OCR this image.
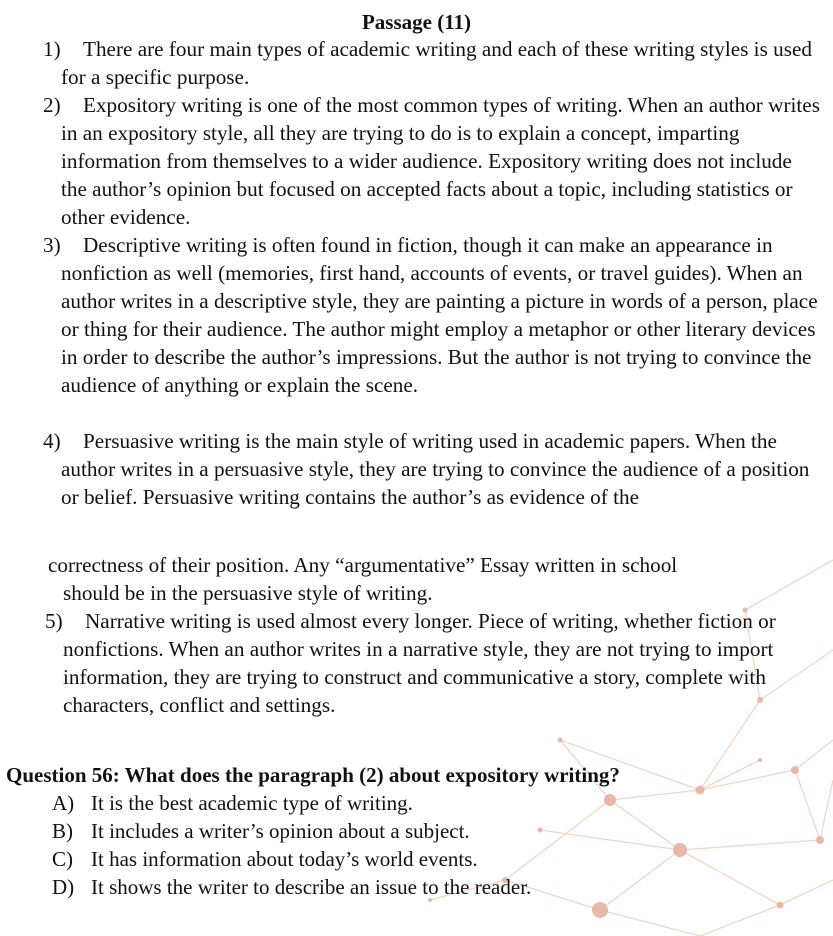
Passage (11)

1) There are four main types of academic writing and each of these writing styles is used for a specific purpose.

2) Expository writing is one of the most common types of writing. When an author writes in an expository style, all they are trying to do is to explain a concept, imparting information from themselves to a wider audience. Expository writing does not include the author’s opinion but focused on accepted facts about a topic, including statistics or other evidence.

3) Descriptive writing is often found in fiction, though it can make an appearance in nonfiction as well (memories, first hand, accounts of events, or travel guides). When an author writes in a descriptive style, they are painting a picture in words of a person, place or thing for their audience. The author might employ a metaphor or other literary devices in order to describe the author’s impressions. But the author is not trying to convince the audience of anything or explain the scene.

4) Persuasive writing is the main style of writing used in academic papers. When the author writes in a persuasive style, they are trying to convince the audience of a position or belief. Persuasive writing contains the author’s as evidence of the

correctness of their position. Any “argumentative” Essay written in school
should be in the persuasive style of writing.

5) Narrative writing is used almost every longer. Piece of writing, whether fiction or nonfictions. When an author writes in a narrative style, they are not trying to import information, they are trying to construct and communicative a story, complete with characters, conflict and settings.

Question 56: What does the paragraph (2) about expository writing?
A) It is the best academic type of writing.
B) It includes a writer’s opinion about a subject.
C) It has information about today’s world events.
D) It shows the writer to describe an issue to the reader.
